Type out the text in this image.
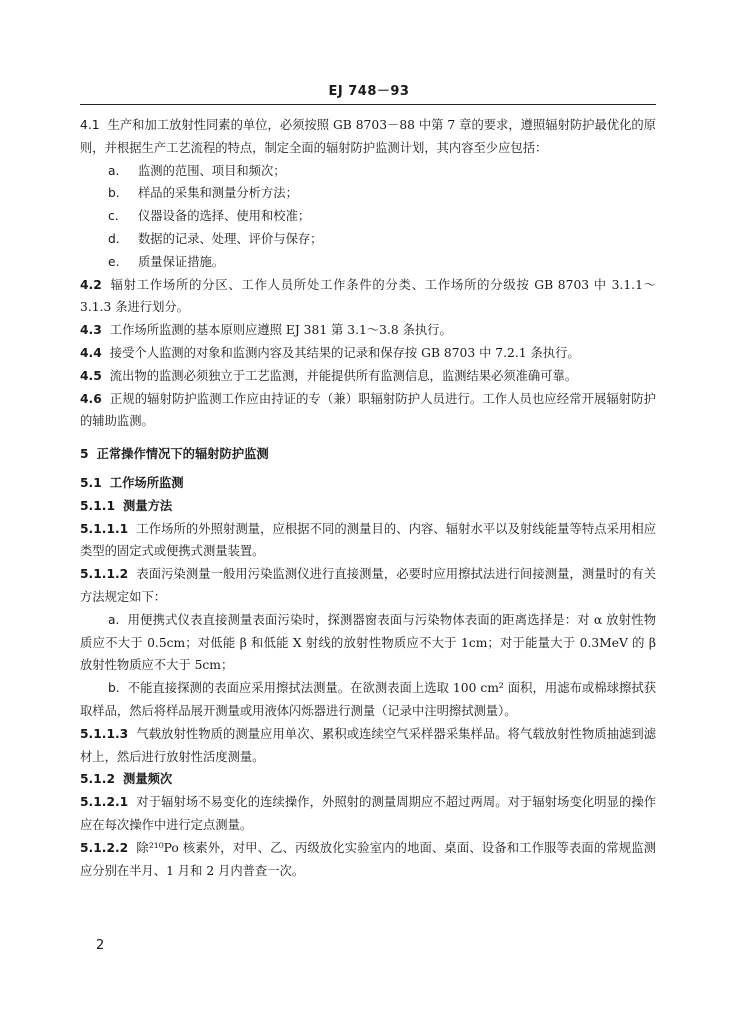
EJ 748－93

4.1 生产和加工放射性同素的单位，必须按照 GB 8703－88 中第 7 章的要求，遵照辐射防护最优化的原则，并根据生产工艺流程的特点，制定全面的辐射防护监测计划，其内容至少应包括：

a. 监测的范围、项目和频次；

b. 样品的采集和测量分析方法；

c. 仪器设备的选择、使用和校准；

d. 数据的记录、处理、评价与保存；

e. 质量保证措施。

4.2 辐射工作场所的分区、工作人员所处工作条件的分类、工作场所的分级按 GB 8703 中 3.1.1～3.1.3 条进行划分。

4.3 工作场所监测的基本原则应遵照 EJ 381 第 3.1～3.8 条执行。

4.4 接受个人监测的对象和监测内容及其结果的记录和保存按 GB 8703 中 7.2.1 条执行。

4.5 流出物的监测必须独立于工艺监测，并能提供所有监测信息，监测结果必须准确可靠。

4.6 正规的辐射防护监测工作应由持证的专（兼）职辐射防护人员进行。工作人员也应经常开展辐射防护的辅助监测。

5 正常操作情况下的辐射防护监测

5.1 工作场所监测

5.1.1 测量方法

5.1.1.1 工作场所的外照射测量，应根据不同的测量目的、内容、辐射水平以及射线能量等特点采用相应类型的固定式或便携式测量装置。

5.1.1.2 表面污染测量一般用污染监测仪进行直接测量，必要时应用擦拭法进行间接测量，测量时的有关方法规定如下：

a. 用便携式仪表直接测量表面污染时，探测器窗表面与污染物体表面的距离选择是：对 α 放射性物质应不大于 0.5cm；对低能 β 和低能 X 射线的放射性物质应不大于 1cm；对于能量大于 0.3MeV 的 β 放射性物质应不大于 5cm；

b. 不能直接探测的表面应采用擦拭法测量。在欲测表面上选取 100 cm² 面积，用滤布或棉球擦拭获取样品，然后将样品展开测量或用液体闪烁器进行测量（记录中注明擦拭测量）。

5.1.1.3 气载放射性物质的测量应用单次、累积或连续空气采样器采集样品。将气载放射性物质抽滤到滤材上，然后进行放射性活度测量。

5.1.2 测量频次

5.1.2.1 对于辐射场不易变化的连续操作，外照射的测量周期应不超过两周。对于辐射场变化明显的操作应在每次操作中进行定点测量。

5.1.2.2 除²¹⁰Po 核素外，对甲、乙、丙级放化实验室内的地面、桌面、设备和工作服等表面的常规监测应分别在半月、1 月和 2 月内普查一次。

2
